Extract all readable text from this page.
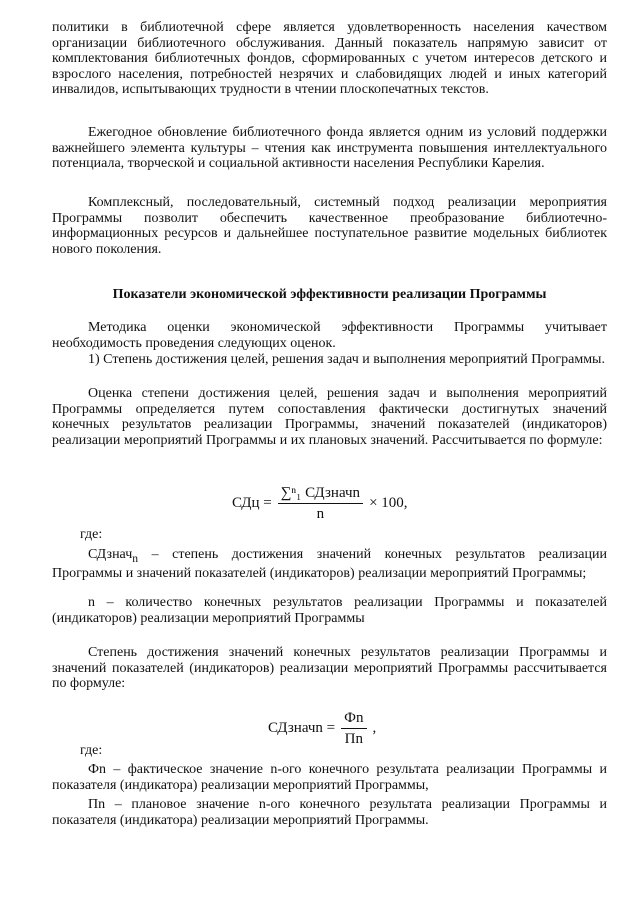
политики в библиотечной сфере является удовлетворенность населения качеством организации библиотечного обслуживания. Данный показатель напрямую зависит от комплектования библиотечных фондов, сформированных с учетом интересов детского и взрослого населения, потребностей незрячих и слабовидящих людей и иных категорий инвалидов, испытывающих трудности в чтении плоскопечатных текстов.

Ежегодное обновление библиотечного фонда является одним из условий поддержки важнейшего элемента культуры – чтения как инструмента повышения интеллектуального потенциала, творческой и социальной активности населения Республики Карелия.

Комплексный, последовательный, системный подход реализации мероприятия Программы позволит обеспечить качественное преобразование библиотечно-информационных ресурсов и дальнейшее поступательное развитие модельных библиотек нового поколения.

Показатели экономической эффективности реализации Программы

Методика оценки экономической эффективности Программы учитывает необходимость проведения следующих оценок.

1) Степень достижения целей, решения задач и выполнения мероприятий Программы.

Оценка степени достижения целей, решения задач и выполнения мероприятий Программы определяется путем сопоставления фактически достигнутых значений конечных результатов реализации Программы, значений показателей (индикаторов) реализации мероприятий Программы и их плановых значений. Рассчитывается по формуле:

СДц = $\frac{\text{∑ⁿ₁ СДзначn}}{n} \times 100$,

где:

СДзнач$_n$ – степень достижения значений конечных результатов реализации Программы и значений показателей (индикаторов) реализации мероприятий Программы;

n – количество конечных результатов реализации Программы и показателей (индикаторов) реализации мероприятий Программы

Степень достижения значений конечных результатов реализации Программы и значений показателей (индикаторов) реализации мероприятий Программы рассчитывается по формуле:

СДзначn = $\frac{Фn}{Пn}$ ,

где:

Фn – фактическое значение n-ого конечного результата реализации Программы и показателя (индикатора) реализации мероприятий Программы,

Пn – плановое значение n-ого конечного результата реализации Программы и показателя (индикатора) реализации мероприятий Программы.
